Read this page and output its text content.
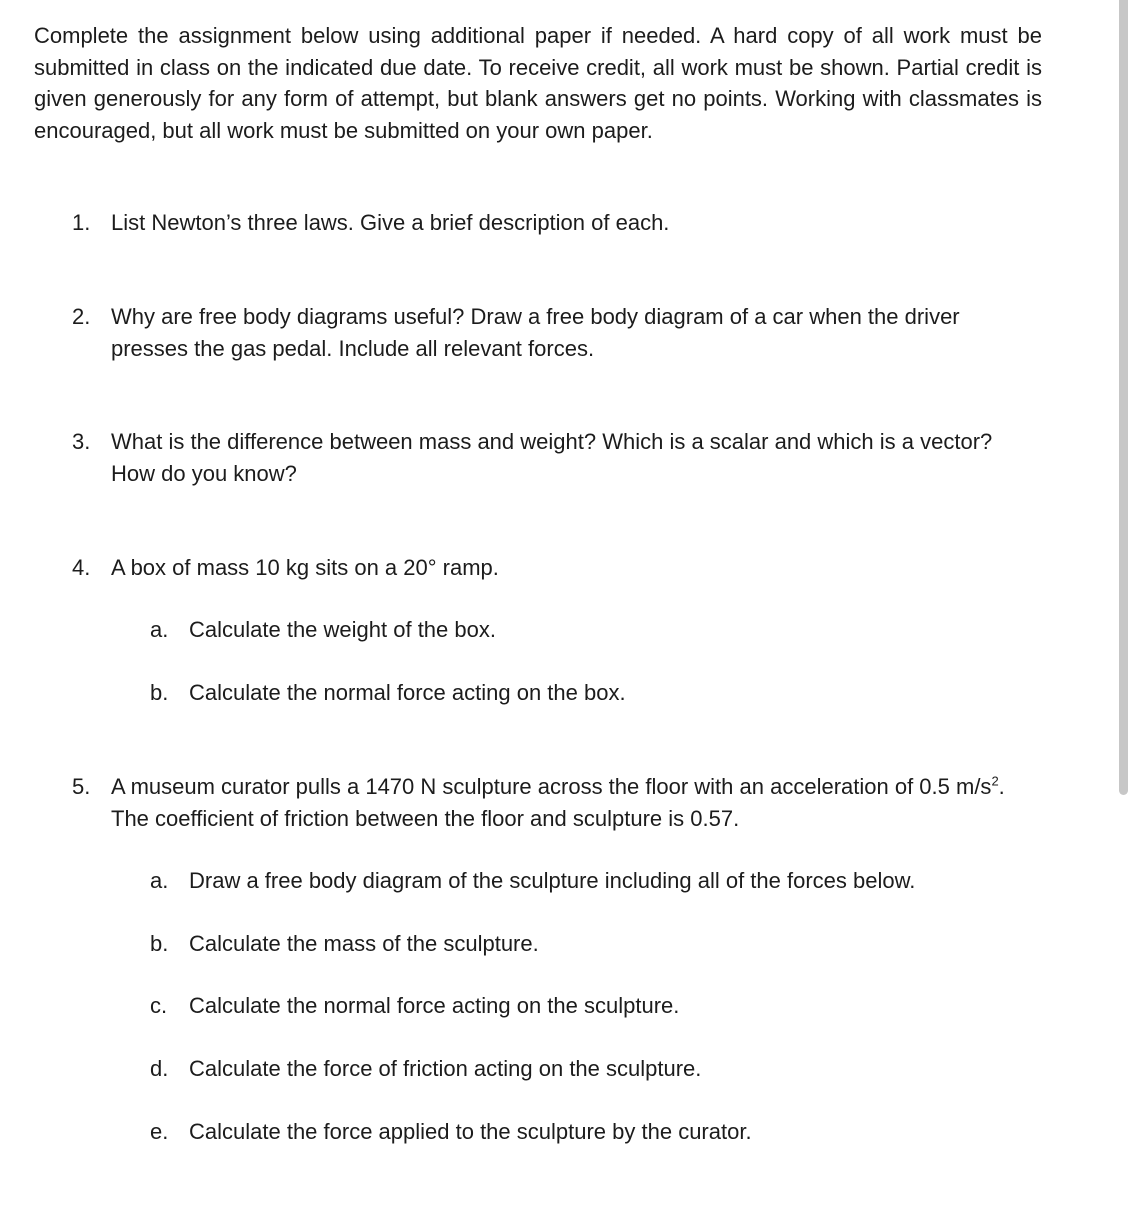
Complete the assignment below using additional paper if needed. A hard copy of all work must be submitted in class on the indicated due date. To receive credit, all work must be shown. Partial credit is given generously for any form of attempt, but blank answers get no points. Working with classmates is encouraged, but all work must be submitted on your own paper.

1. List Newton’s three laws. Give a brief description of each.
2. Why are free body diagrams useful? Draw a free body diagram of a car when the driver presses the gas pedal. Include all relevant forces.
3. What is the difference between mass and weight? Which is a scalar and which is a vector? How do you know?
4. A box of mass 10 kg sits on a 20° ramp.
a. Calculate the weight of the box.
b. Calculate the normal force acting on the box.
5. A museum curator pulls a 1470 N sculpture across the floor with an acceleration of 0.5 $m/s^2$. The coefficient of friction between the floor and sculpture is 0.57.
a. Draw a free body diagram of the sculpture including all of the forces below.
b. Calculate the mass of the sculpture.
c. Calculate the normal force acting on the sculpture.
d. Calculate the force of friction acting on the sculpture.
e. Calculate the force applied to the sculpture by the curator.
